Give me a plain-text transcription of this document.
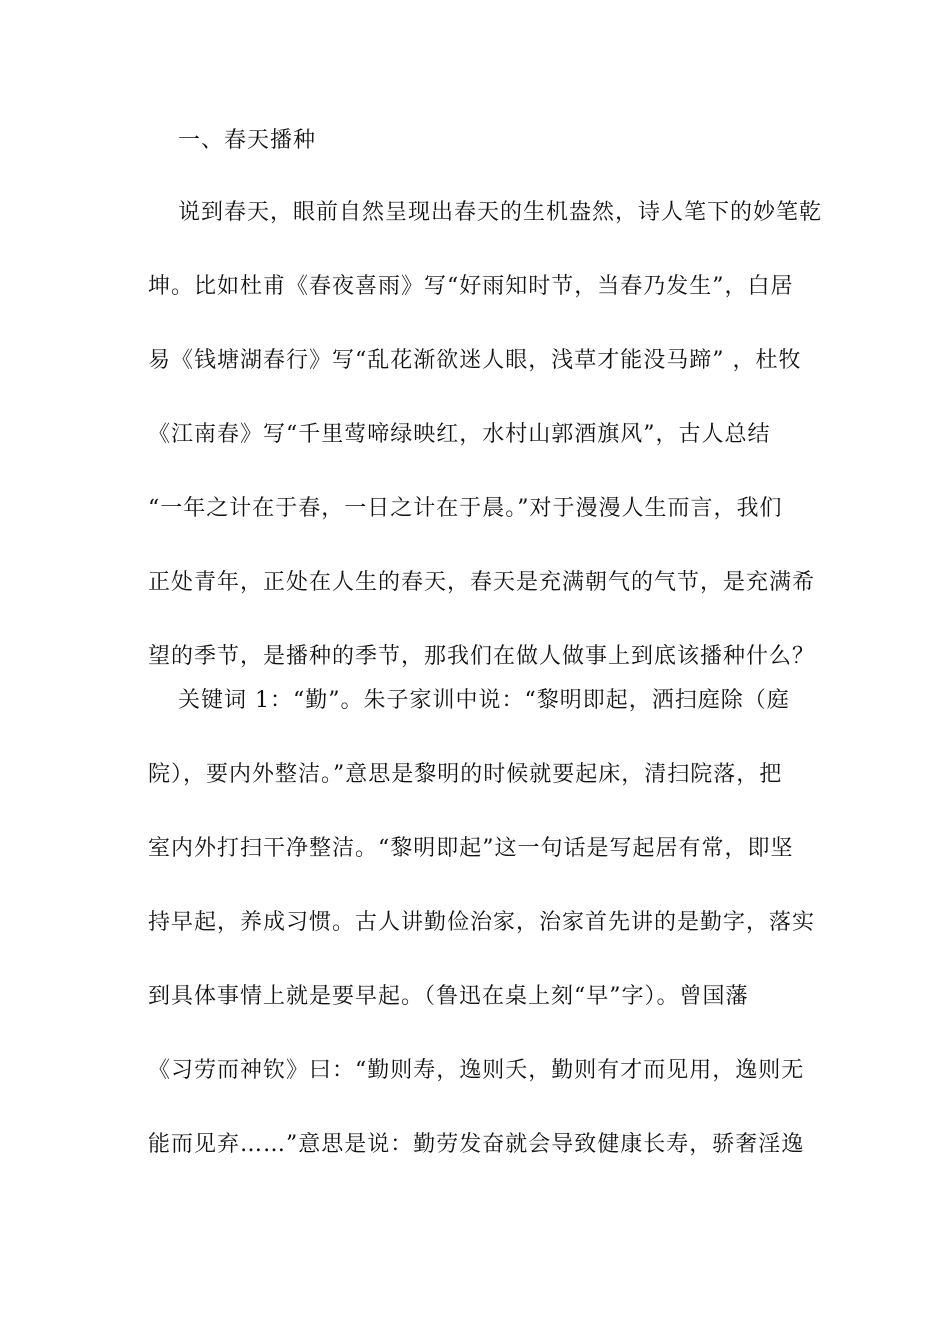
一、春天播种
说到春天，眼前自然呈现出春天的生机盎然，诗人笔下的妙笔乾
坤。比如杜甫《春夜喜雨》写“好雨知时节，当春乃发生”，白居
易《钱塘湖春行》写“乱花渐欲迷人眼，浅草才能没马蹄” ，杜牧
《江南春》写“千里莺啼绿映红，水村山郭酒旗风”，古人总结
“一年之计在于春，一日之计在于晨。”对于漫漫人生而言，我们
正处青年，正处在人生的春天，春天是充满朝气的气节，是充满希
望的季节，是播种的季节，那我们在做人做事上到底该播种什么？
关键词 1：“勤”。朱子家训中说：“黎明即起，洒扫庭除（庭
院），要内外整洁。”意思是黎明的时候就要起床，清扫院落，把
室内外打扫干净整洁。“黎明即起”这一句话是写起居有常，即坚
持早起，养成习惯。古人讲勤俭治家，治家首先讲的是勤字，落实
到具体事情上就是要早起。（鲁迅在桌上刻“早”字）。曾国藩
《习劳而神钦》曰：“勤则寿，逸则夭，勤则有才而见用，逸则无
能而见弃……”意思是说：勤劳发奋就会导致健康长寿，骄奢淫逸
